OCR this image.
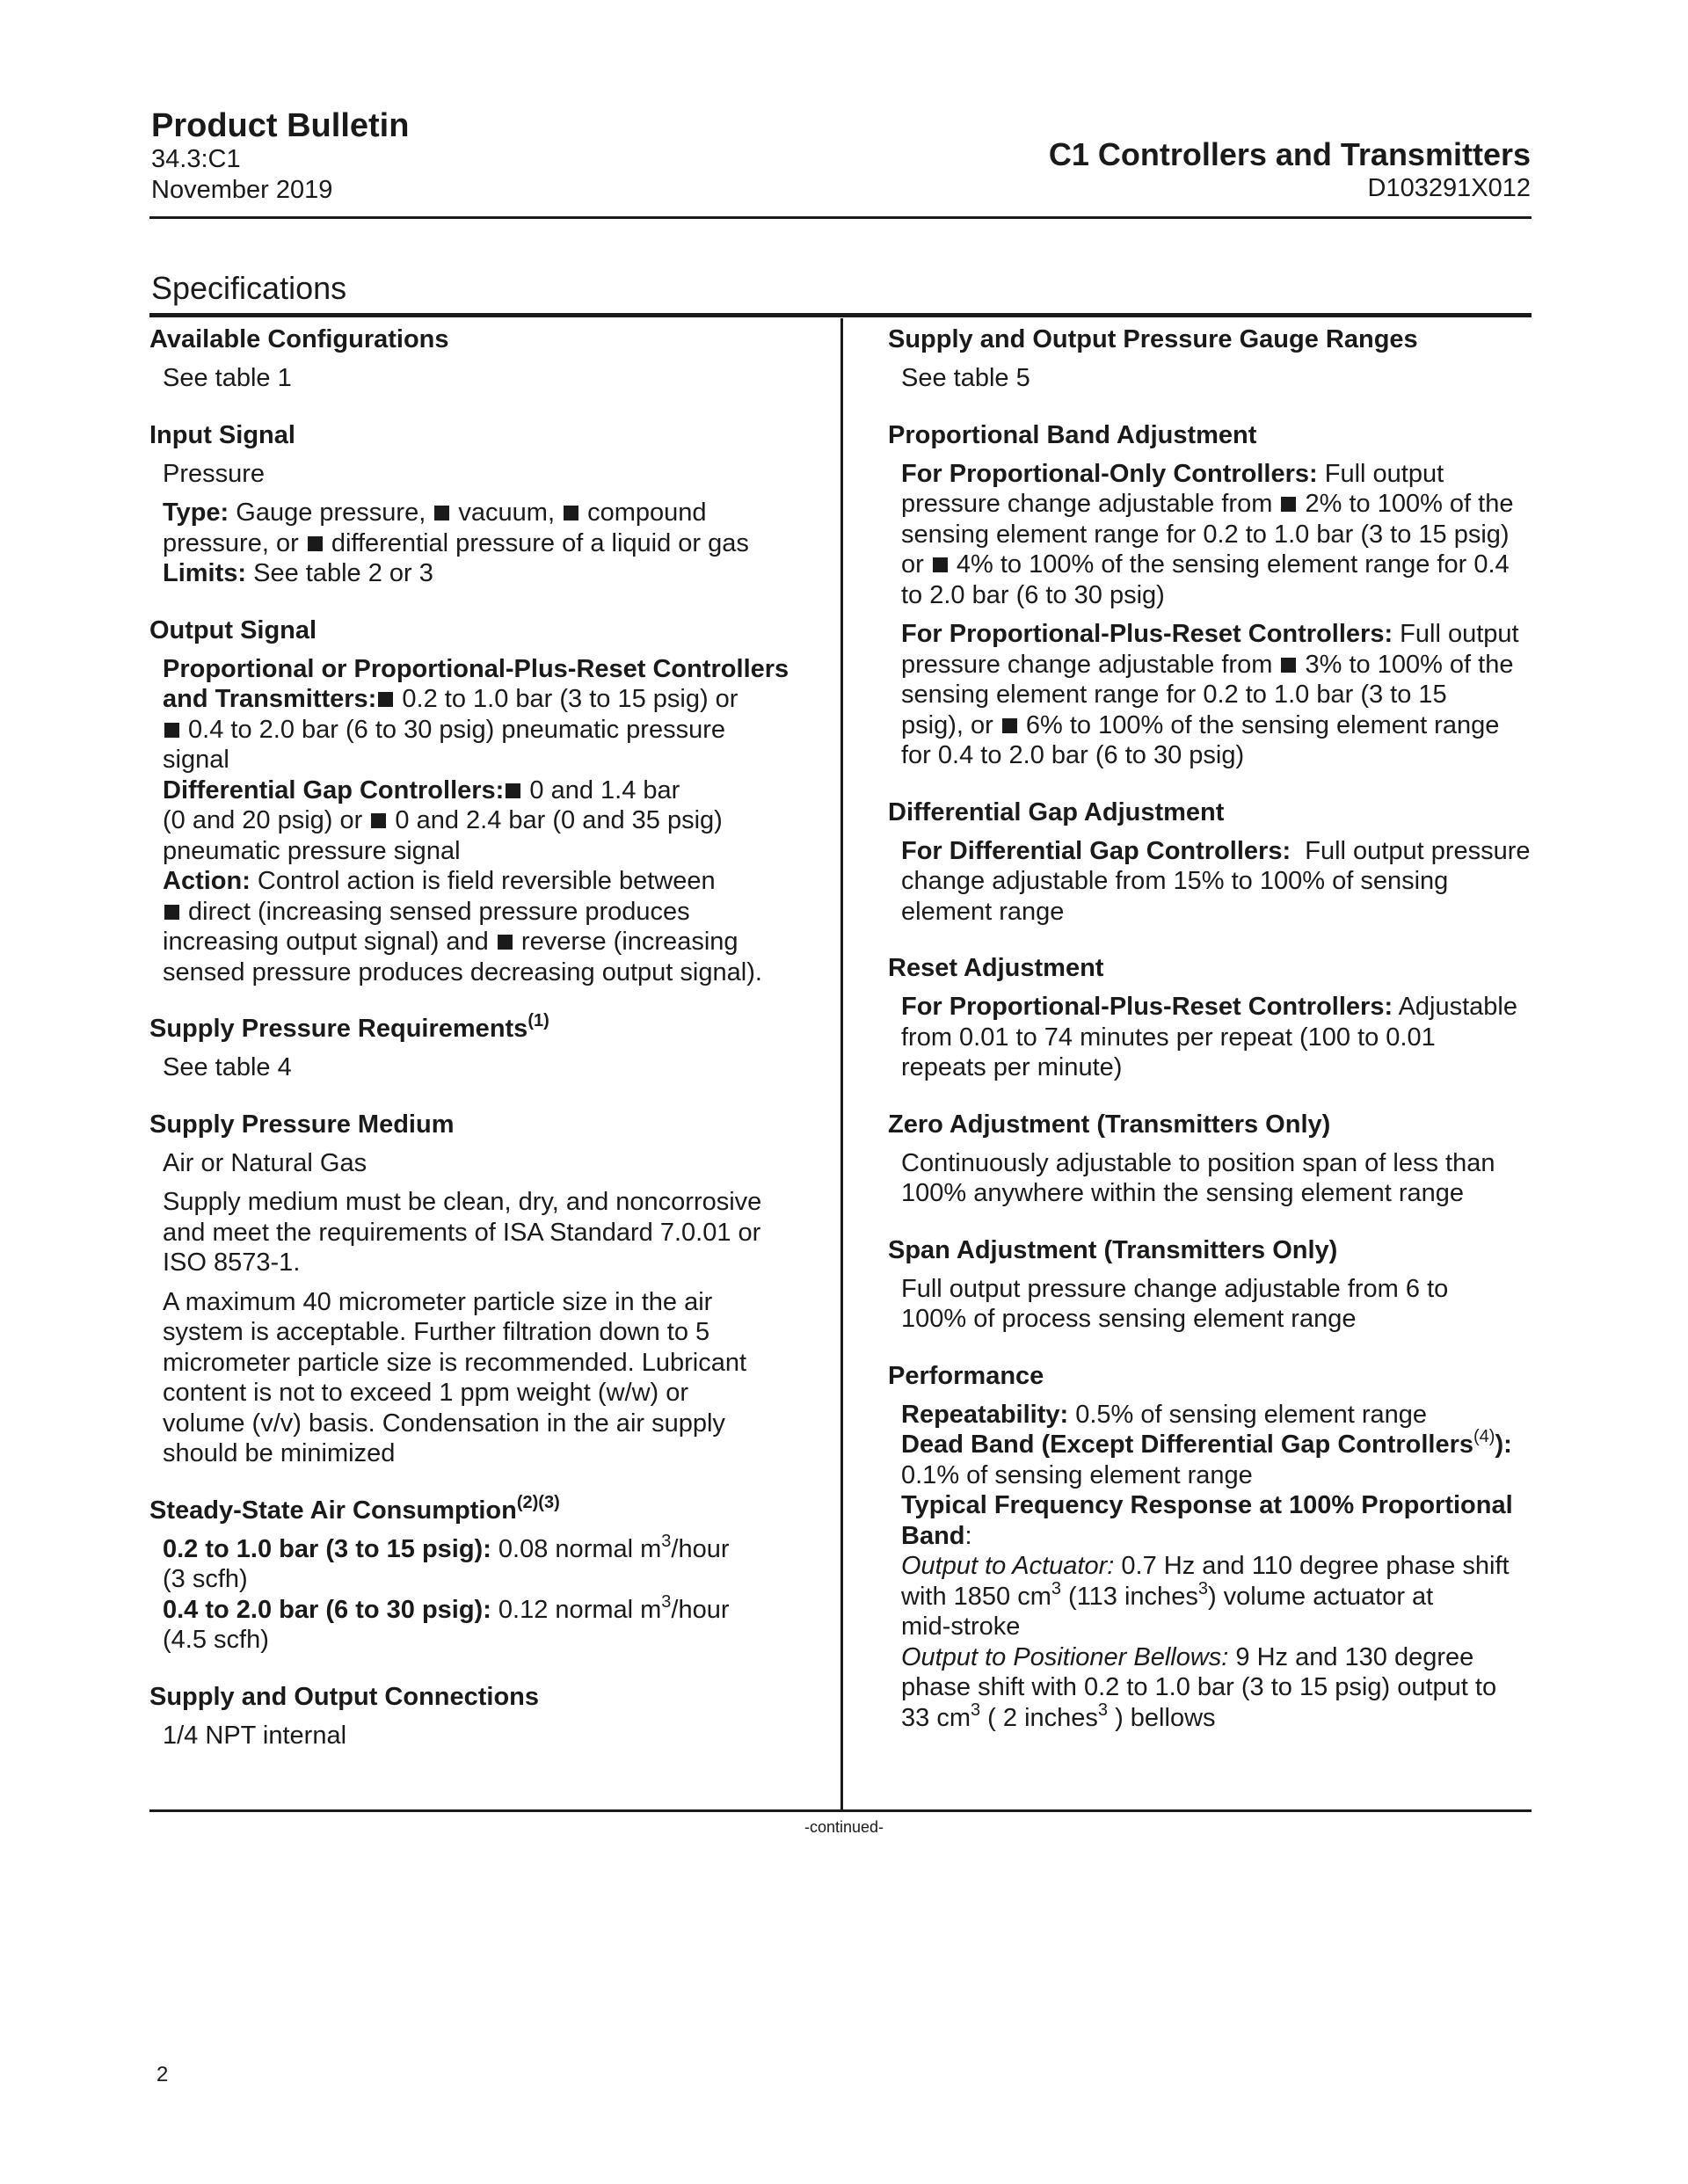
Product Bulletin
34.3:C1
November 2019
C1 Controllers and Transmitters
D103291X012
Specifications
Available Configurations
See table 1
Input Signal
Pressure
Type: Gauge pressure,  vacuum,  compound
pressure, or  differential pressure of a liquid or gas
Limits: See table 2 or 3
Output Signal
Proportional or Proportional-Plus-Reset Controllers
and Transmitters: 0.2 to 1.0 bar (3 to 15 psig) or
0.4 to 2.0 bar (6 to 30 psig) pneumatic pressure
signal
Differential Gap Controllers: 0 and 1.4 bar
(0 and 20 psig) or  0 and 2.4 bar (0 and 35 psig)
pneumatic pressure signal
Action: Control action is field reversible between
direct (increasing sensed pressure produces
increasing output signal) and  reverse (increasing
sensed pressure produces decreasing output signal).
Supply Pressure Requirements$^{(1)}$
See table 4
Supply Pressure Medium
Air or Natural Gas
Supply medium must be clean, dry, and noncorrosive
and meet the requirements of ISA Standard 7.0.01 or
ISO 8573-1.
A maximum 40 micrometer particle size in the air
system is acceptable. Further filtration down to 5
micrometer particle size is recommended. Lubricant
content is not to exceed 1 ppm weight (w/w) or
volume (v/v) basis. Condensation in the air supply
should be minimized
Steady-State Air Consumption$^{(2)(3)}$
0.2 to 1.0 bar (3 to 15 psig): 0.08 normal $m^3$/hour
(3 scfh)
0.4 to 2.0 bar (6 to 30 psig): 0.12 normal $m^3$/hour
(4.5 scfh)
Supply and Output Connections
1/4 NPT internal
Supply and Output Pressure Gauge Ranges
See table 5
Proportional Band Adjustment
For Proportional-Only Controllers: Full output
pressure change adjustable from  2% to 100% of the
sensing element range for 0.2 to 1.0 bar (3 to 15 psig)
or  4% to 100% of the sensing element range for 0.4
to 2.0 bar (6 to 30 psig)
For Proportional-Plus-Reset Controllers: Full output
pressure change adjustable from  3% to 100% of the
sensing element range for 0.2 to 1.0 bar (3 to 15
psig), or  6% to 100% of the sensing element range
for 0.4 to 2.0 bar (6 to 30 psig)
Differential Gap Adjustment
For Differential Gap Controllers:  Full output pressure
change adjustable from 15% to 100% of sensing
element range
Reset Adjustment
For Proportional-Plus-Reset Controllers: Adjustable
from 0.01 to 74 minutes per repeat (100 to 0.01
repeats per minute)
Zero Adjustment (Transmitters Only)
Continuously adjustable to position span of less than
100% anywhere within the sensing element range
Span Adjustment (Transmitters Only)
Full output pressure change adjustable from 6 to
100% of process sensing element range
Performance
Repeatability: 0.5% of sensing element range
Dead Band (Except Differential Gap Controllers$^{(4)}$):
0.1% of sensing element range
Typical Frequency Response at 100% Proportional
Band:
Output to Actuator: 0.7 Hz and 110 degree phase shift
with 1850 $cm^3$ (113 inches$^3$) volume actuator at
mid-stroke
Output to Positioner Bellows: 9 Hz and 130 degree
phase shift with 0.2 to 1.0 bar (3 to 15 psig) output to
33 $cm^3$ ( 2 inches$^3$ ) bellows
-continued-
2
